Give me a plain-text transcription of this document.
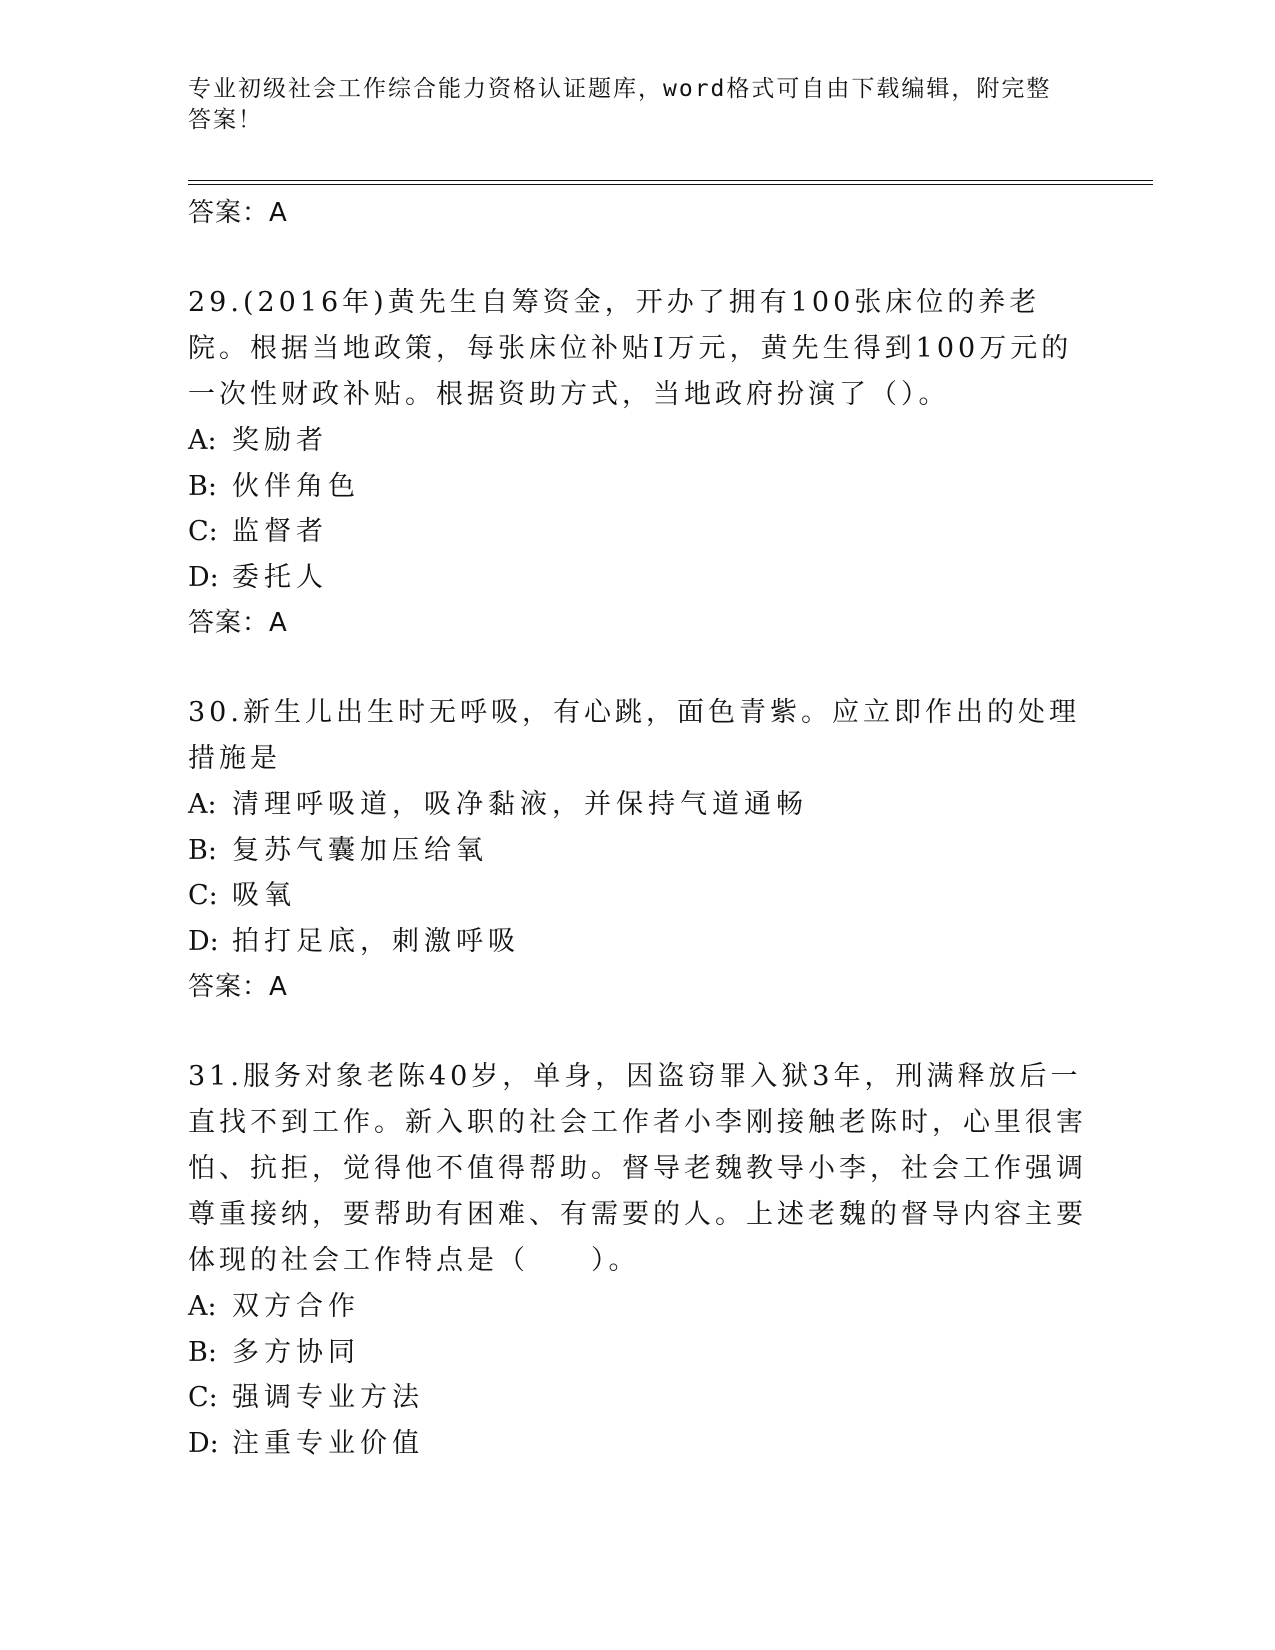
专业初级社会工作综合能力资格认证题库，word格式可自由下载编辑，附完整答案！

答案：A

29.(2016年)黄先生自筹资金，开办了拥有100张床位的养老院。根据当地政策，每张床位补贴I万元，黄先生得到100万元的一次性财政补贴。根据资助方式，当地政府扮演了（）。

A: 奖励者

B: 伙伴角色

C: 监督者

D: 委托人

答案：A

30.新生儿出生时无呼吸，有心跳，面色青紫。应立即作出的处理措施是

A: 清理呼吸道，吸净黏液，并保持气道通畅

B: 复苏气囊加压给氧

C: 吸氧

D: 拍打足底，刺激呼吸

答案：A

31.服务对象老陈40岁，单身，因盗窃罪入狱3年，刑满释放后一直找不到工作。新入职的社会工作者小李刚接触老陈时，心里很害怕、抗拒，觉得他不值得帮助。督导老魏教导小李，社会工作强调尊重接纳，要帮助有困难、有需要的人。上述老魏的督导内容主要体现的社会工作特点是（　　）。

A: 双方合作

B: 多方协同

C: 强调专业方法

D: 注重专业价值
